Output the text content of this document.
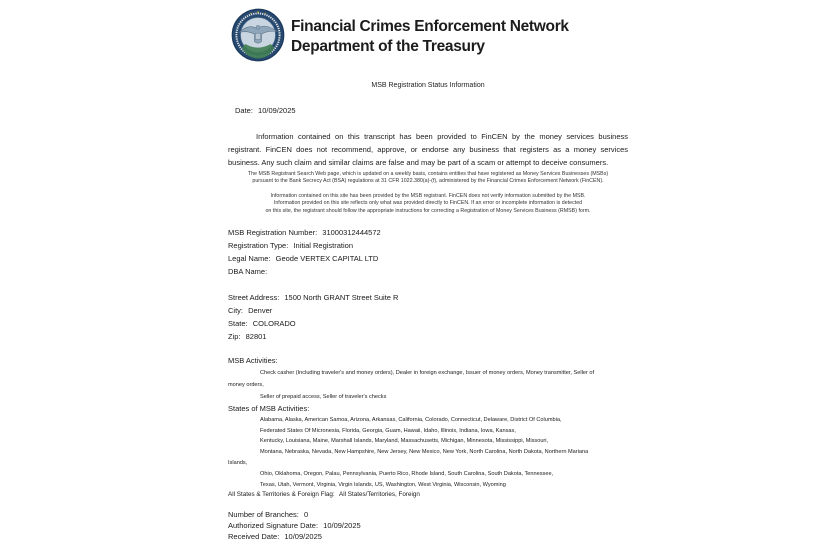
Financial Crimes Enforcement Network
Department of the Treasury
MSB Registration Status Information
Date: 10/09/2025
Information contained on this transcript has been provided to FinCEN by the money services business registrant. FinCEN does not recommend, approve, or endorse any business that registers as a money services business. Any such claim and similar claims are false and may be part of a scam or attempt to deceive consumers.
The MSB Registrant Search Web page, which is updated on a weekly basis, contains entities that have registered as Money Services Businesses (MSBs)
pursuant to the Bank Secrecy Act (BSA) regulations at 31 CFR 1022.380(a)-(f), administered by the Financial Crimes Enforcement Network (FinCEN).
Information contained on this site has been provided by the MSB registrant. FinCEN does not verify information submitted by the MSB.
Information provided on this site reflects only what was provided directly to FinCEN. If an error or incomplete information is detected
on this site, the registrant should follow the appropriate instructions for correcting a Registration of Money Services Business (RMSB) form.
MSB Registration Number: 31000312444572
Registration Type: Initial Registration
Legal Name: Geode VERTEX CAPITAL LTD
DBA Name:
Street Address: 1500 North GRANT Street Suite R
City: Denver
State: COLORADO
Zip: 82801
MSB Activities:
Check casher (Including traveler's and money orders), Dealer in foreign exchange, Issuer of money orders, Money transmitter, Seller of
money orders,
Seller of prepaid access, Seller of traveler's checks
States of MSB Activities:
Alabama, Alaska, American Samoa, Arizona, Arkansas, California, Colorado, Connecticut, Delaware, District Of Columbia,
Federated States Of Micronesia, Florida, Georgia, Guam, Hawaii, Idaho, Illinois, Indiana, Iowa, Kansas,
Kentucky, Louisiana, Maine, Marshall Islands, Maryland, Massachusetts, Michigan, Minnesota, Mississippi, Missouri,
Montana, Nebraska, Nevada, New Hampshire, New Jersey, New Mexico, New York, North Carolina, North Dakota, Northern Mariana
Islands,
Ohio, Oklahoma, Oregon, Palau, Pennsylvania, Puerto Rico, Rhode Island, South Carolina, South Dakota, Tennessee,
Texas, Utah, Vermont, Virginia, Virgin Islands, US, Washington, West Virginia, Wisconsin, Wyoming
All States & Territories & Foreign Flag: All States/Territories, Foreign
Number of Branches: 0
Authorized Signature Date: 10/09/2025
Received Date: 10/09/2025
